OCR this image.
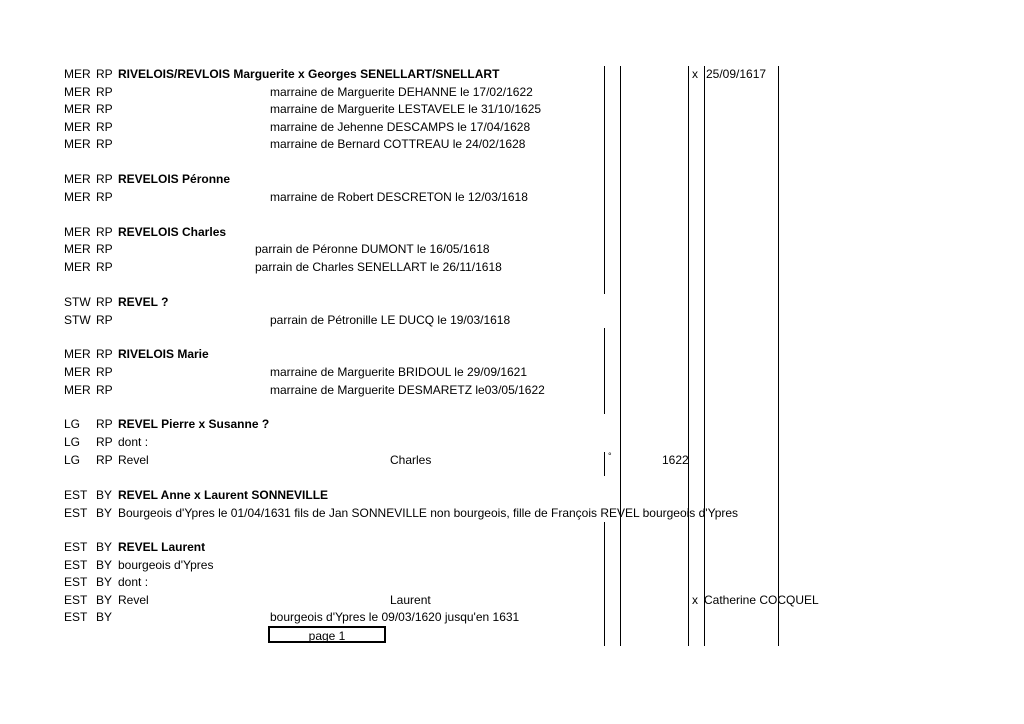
MER RP RIVELOIS/REVLOIS Marguerite x Georges SENELLART/SNELLART	x 25/09/1617
MER RP	marraine de Marguerite DEHANNE le 17/02/1622
MER RP	marraine de Marguerite LESTAVELE le 31/10/1625
MER RP	marraine de Jehenne DESCAMPS le 17/04/1628
MER RP	marraine de Bernard COTTREAU le 24/02/1628
MER RP REVELOIS Péronne
MER RP	marraine de Robert DESCRETON le 12/03/1618
MER RP REVELOIS Charles
MER RP	parrain de Péronne DUMONT le 16/05/1618
MER RP	parrain de Charles SENELLART le 26/11/1618
STW RP REVEL ?
STW RP	parrain de Pétronille LE DUCQ le 19/03/1618
MER RP RIVELOIS Marie
MER RP	marraine de Marguerite BRIDOUL le 29/09/1621
MER RP	marraine de Marguerite DESMARETZ le03/05/1622
LG RP REVEL Pierre x Susanne ?
LG RP dont :
LG RP Revel	Charles	°	1622
EST BY REVEL Anne x Laurent SONNEVILLE
EST BY Bourgeois d'Ypres le 01/04/1631 fils de Jan SONNEVILLE non bourgeois, fille de François REVEL bourgeois d'Ypres
EST BY REVEL Laurent
EST BY bourgeois d'Ypres
EST BY dont :
EST BY Revel	Laurent	x Catherine COCQUEL
EST BY	bourgeois d'Ypres le 09/03/1620 jusqu'en 1631
page 1
